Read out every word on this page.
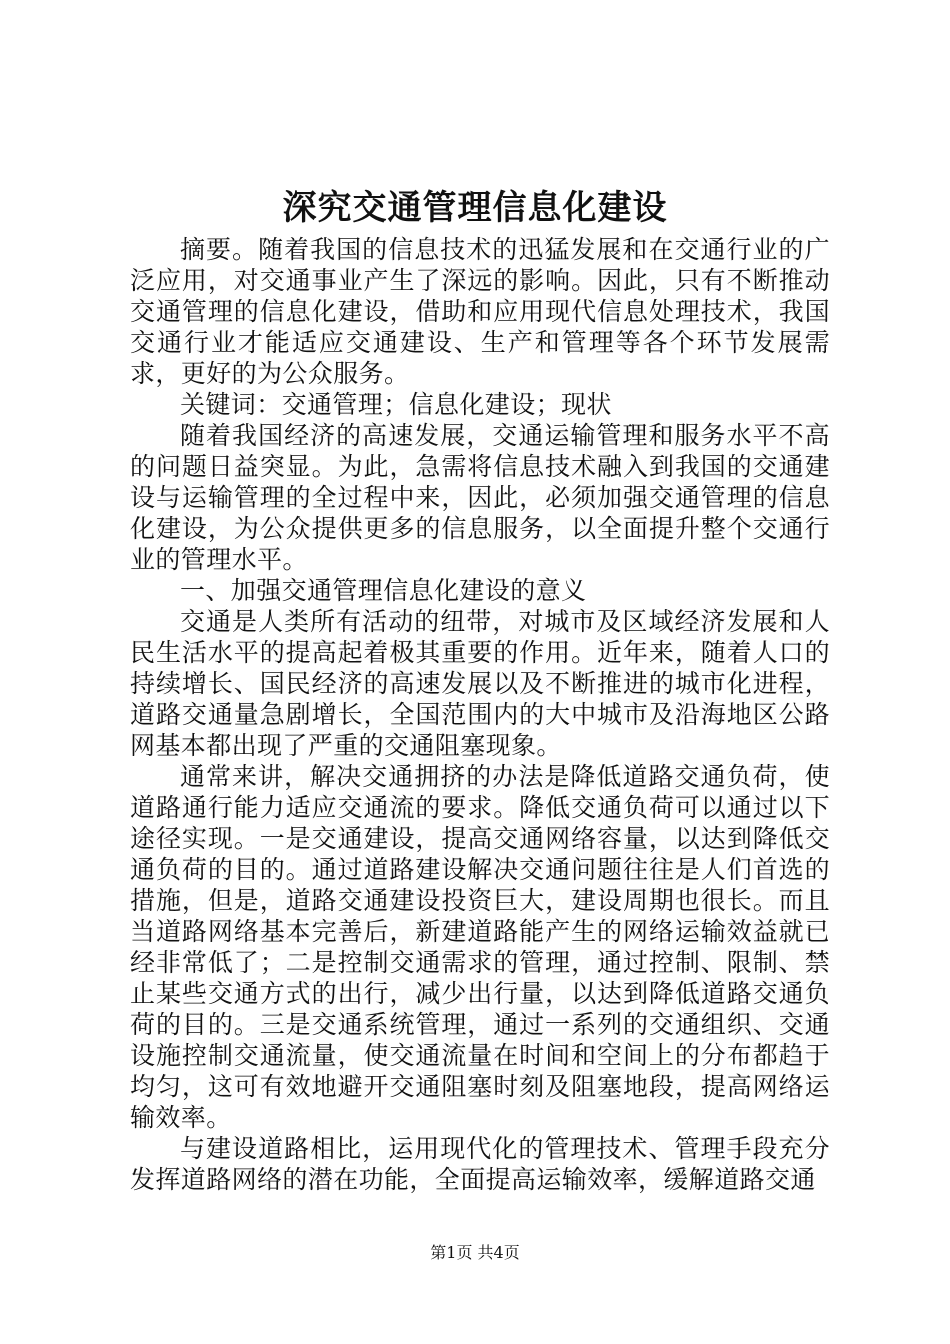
深究交通管理信息化建设

摘要。随着我国的信息技术的迅猛发展和在交通行业的广泛应用，对交通事业产生了深远的影响。因此，只有不断推动交通管理的信息化建设，借助和应用现代信息处理技术，我国交通行业才能适应交通建设、生产和管理等各个环节发展需求，更好的为公众服务。

关键词：交通管理；信息化建设；现状

随着我国经济的高速发展，交通运输管理和服务水平不高的问题日益突显。为此，急需将信息技术融入到我国的交通建设与运输管理的全过程中来，因此，必须加强交通管理的信息化建设，为公众提供更多的信息服务，以全面提升整个交通行业的管理水平。

一、加强交通管理信息化建设的意义

交通是人类所有活动的纽带，对城市及区域经济发展和人民生活水平的提高起着极其重要的作用。近年来，随着人口的持续增长、国民经济的高速发展以及不断推进的城市化进程，道路交通量急剧增长，全国范围内的大中城市及沿海地区公路网基本都出现了严重的交通阻塞现象。

通常来讲，解决交通拥挤的办法是降低道路交通负荷，使道路通行能力适应交通流的要求。降低交通负荷可以通过以下途径实现。一是交通建设，提高交通网络容量，以达到降低交通负荷的目的。通过道路建设解决交通问题往往是人们首选的措施，但是，道路交通建设投资巨大，建设周期也很长。而且当道路网络基本完善后，新建道路能产生的网络运输效益就已经非常低了；二是控制交通需求的管理，通过控制、限制、禁止某些交通方式的出行，减少出行量，以达到降低道路交通负荷的目的。三是交通系统管理，通过一系列的交通组织、交通设施控制交通流量，使交通流量在时间和空间上的分布都趋于均匀，这可有效地避开交通阻塞时刻及阻塞地段，提高网络运输效率。

与建设道路相比，运用现代化的管理技术、管理手段充分发挥道路网络的潜在功能，全面提高运输效率，缓解道路交通

第1页 共4页
